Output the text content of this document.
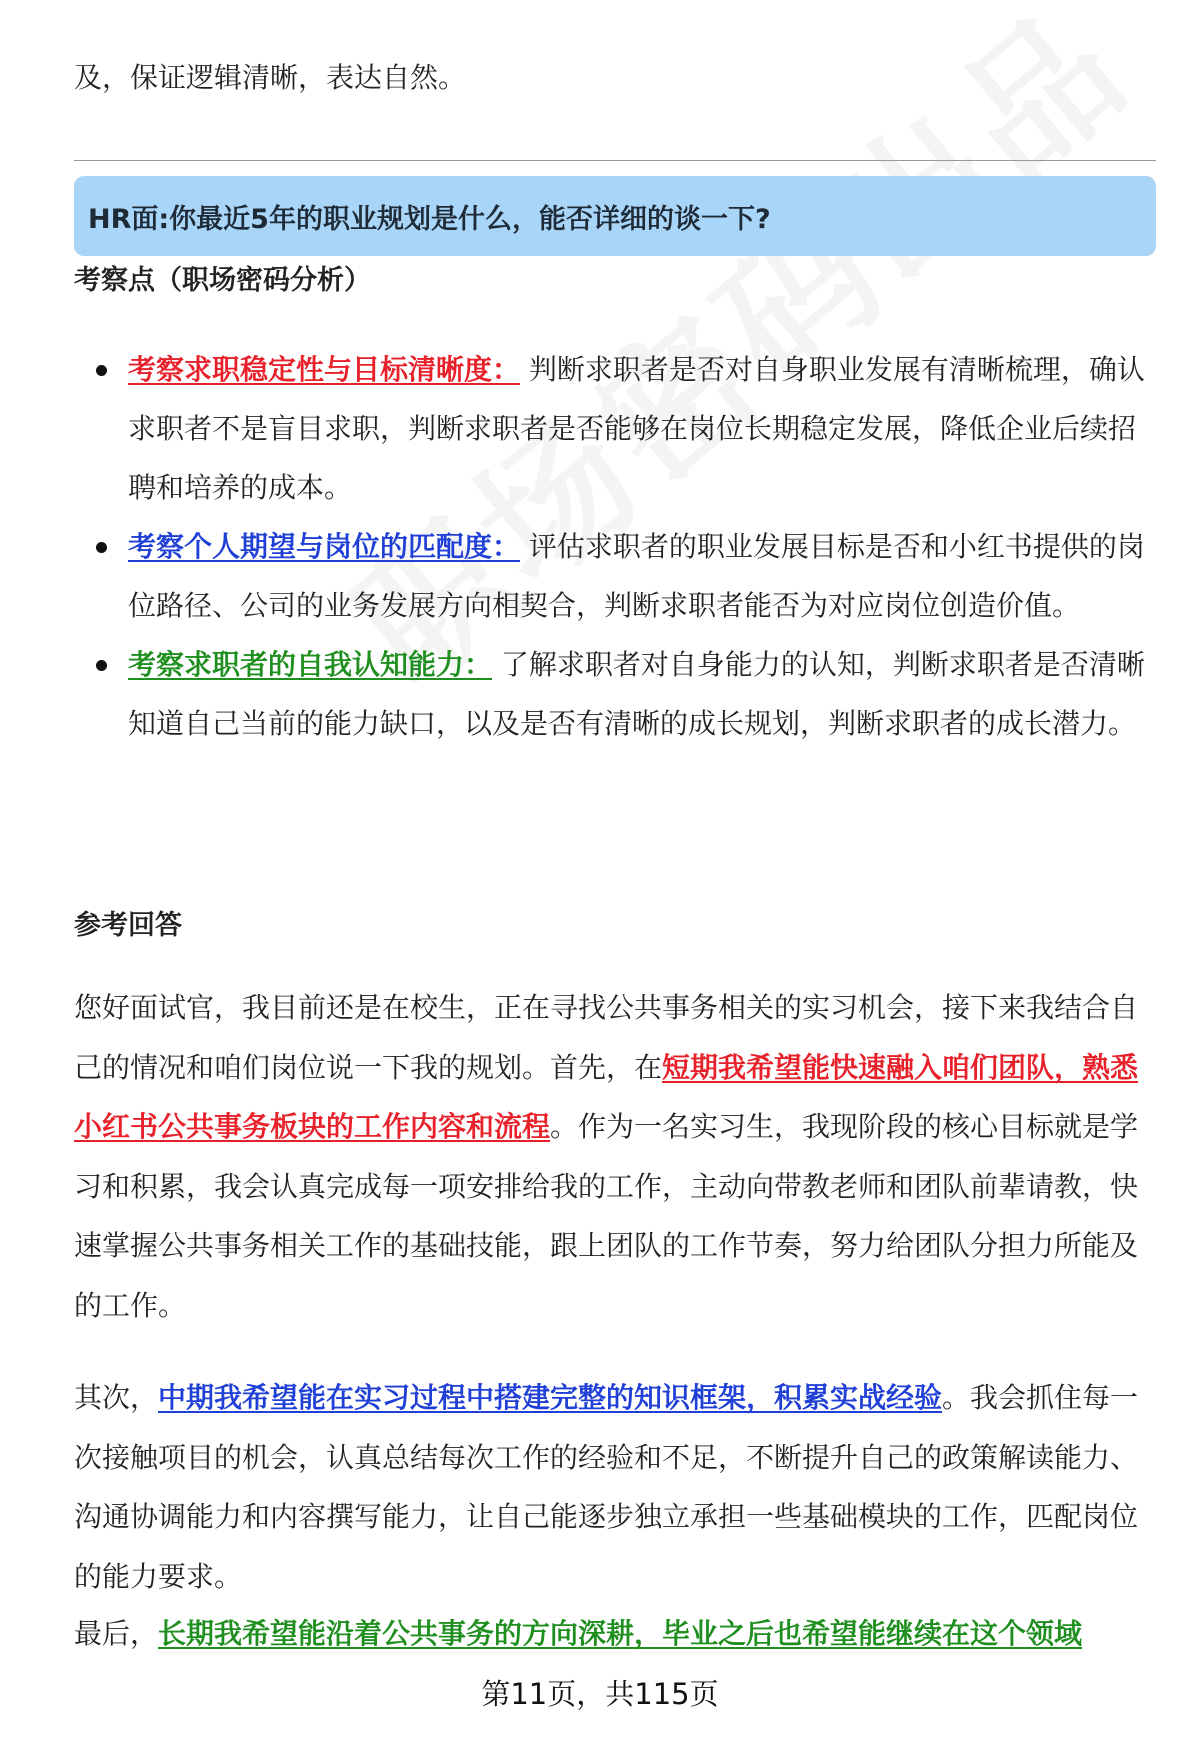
及，保证逻辑清晰，表达自然。

HR面:你最近5年的职业规划是什么，能否详细的谈一下?
考察点（职场密码分析）
考察求职稳定性与目标清晰度： 判断求职者是否对自身职业发展有清晰梳理，确认求职者不是盲目求职，判断求职者是否能够在岗位长期稳定发展，降低企业后续招聘和培养的成本。
考察个人期望与岗位的匹配度： 评估求职者的职业发展目标是否和小红书提供的岗位路径、公司的业务发展方向相契合，判断求职者能否为对应岗位创造价值。
考察求职者的自我认知能力： 了解求职者对自身能力的认知，判断求职者是否清晰知道自己当前的能力缺口，以及是否有清晰的成长规划，判断求职者的成长潜力。
参考回答

您好面试官，我目前还是在校生，正在寻找公共事务相关的实习机会，接下来我结合自己的情况和咱们岗位说一下我的规划。首先，在短期我希望能快速融入咱们团队，熟悉小红书公共事务板块的工作内容和流程。作为一名实习生，我现阶段的核心目标就是学习和积累，我会认真完成每一项安排给我的工作，主动向带教老师和团队前辈请教，快速掌握公共事务相关工作的基础技能，跟上团队的工作节奏，努力给团队分担力所能及的工作。

其次，中期我希望能在实习过程中搭建完整的知识框架，积累实战经验。我会抓住每一次接触项目的机会，认真总结每次工作的经验和不足，不断提升自己的政策解读能力、沟通协调能力和内容撰写能力，让自己能逐步独立承担一些基础模块的工作，匹配岗位的能力要求。

最后，长期我希望能沿着公共事务的方向深耕，毕业之后也希望能继续在这个领域

第11页，共115页
